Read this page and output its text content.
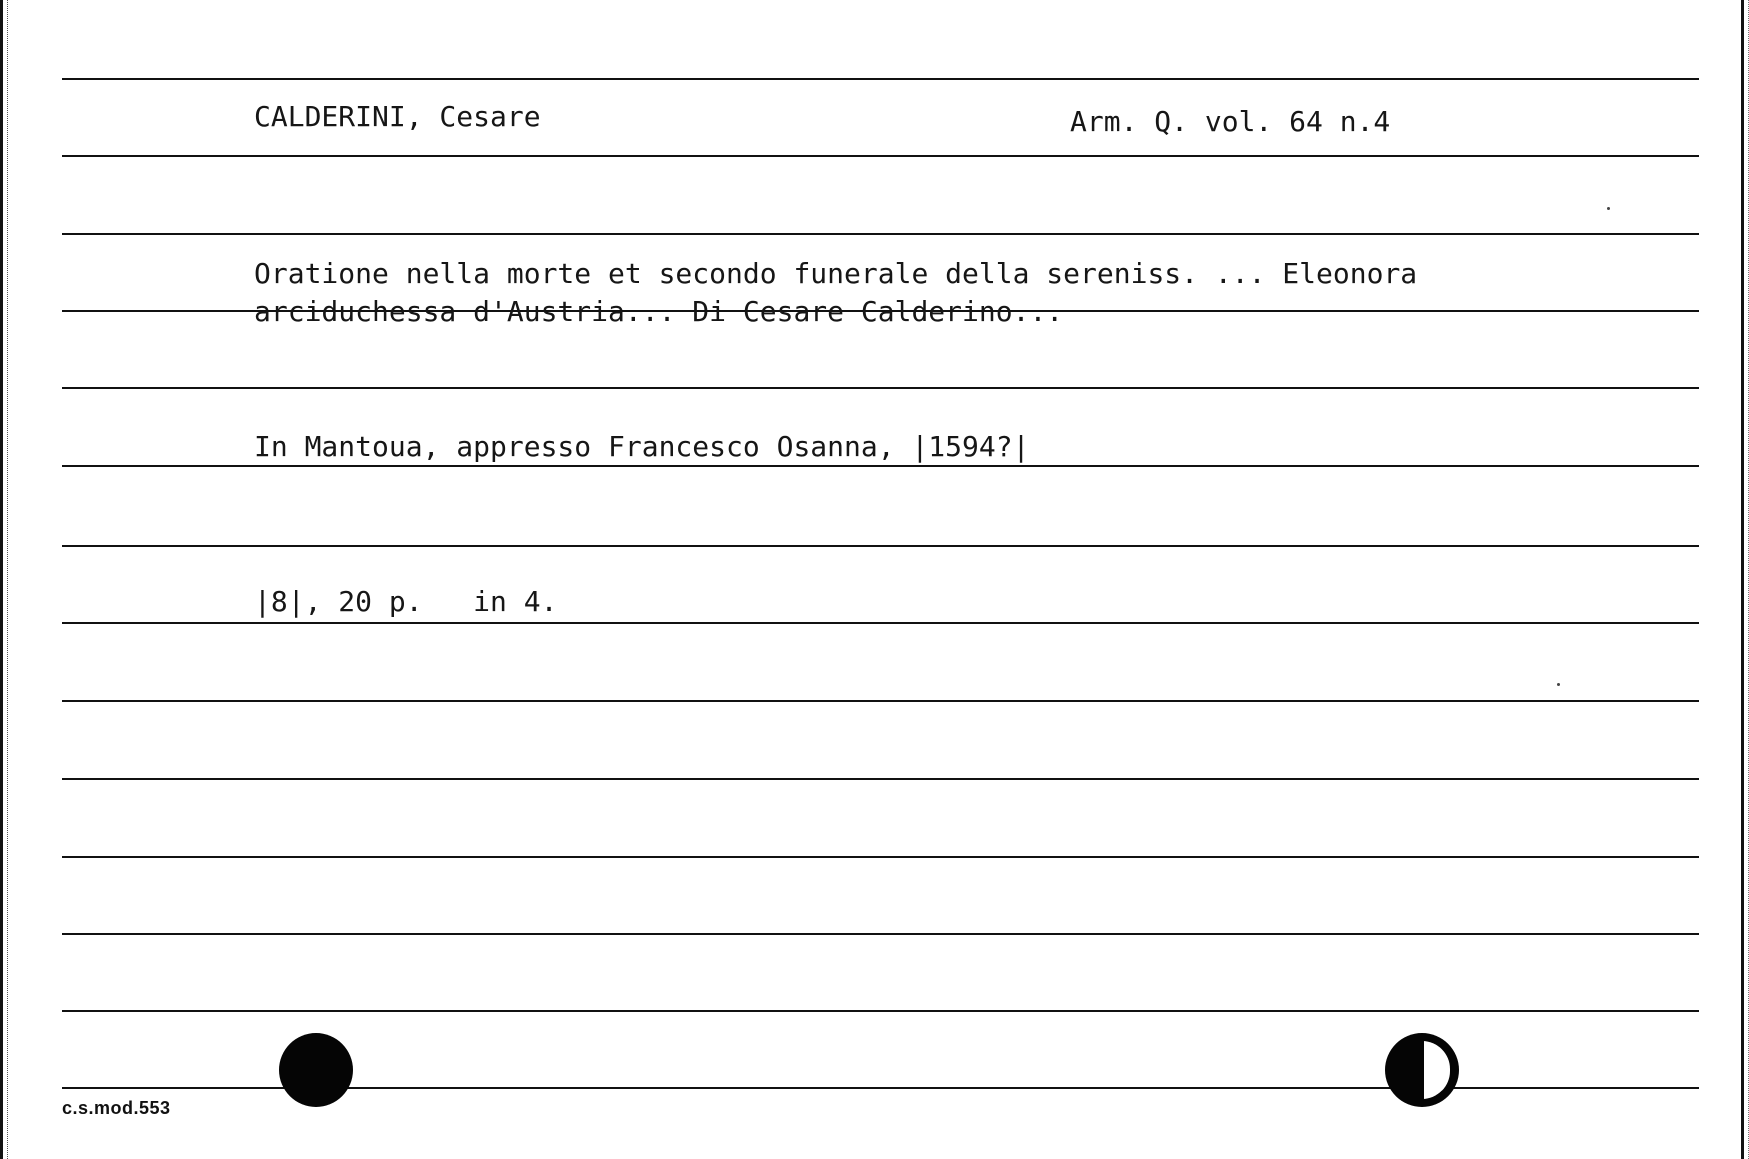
CALDERINI, Cesare	Arm. Q. vol. 64 n.4
Oratione nella morte et secondo funerale della sereniss. ... Eleonora
arciduchessa d'Austria... Di Cesare Calderino...
In Mantoua, appresso Francesco Osanna, |1594?|
|8|, 20 p.   in 4.
c.s.mod.553
